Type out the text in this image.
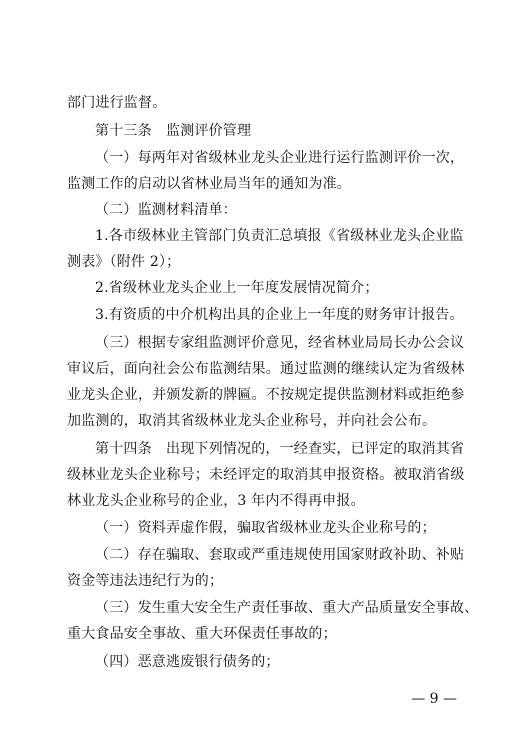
部门进行监督。
第十三条　监测评价管理
（一）每两年对省级林业龙头企业进行运行监测评价一次，
监测工作的启动以省林业局当年的通知为准。
（二）监测材料清单：
1.各市级林业主管部门负责汇总填报《省级林业龙头企业监
测表》（附件 2）；
2.省级林业龙头企业上一年度发展情况简介；
3.有资质的中介机构出具的企业上一年度的财务审计报告。
（三）根据专家组监测评价意见，经省林业局局长办公会议
审议后，面向社会公布监测结果。通过监测的继续认定为省级林
业龙头企业，并颁发新的牌匾。不按规定提供监测材料或拒绝参
加监测的，取消其省级林业龙头企业称号，并向社会公布。
第十四条　出现下列情况的，一经查实，已评定的取消其省
级林业龙头企业称号；未经评定的取消其申报资格。被取消省级
林业龙头企业称号的企业，3 年内不得再申报。
（一）资料弄虚作假，骗取省级林业龙头企业称号的；
（二）存在骗取、套取或严重违规使用国家财政补助、补贴
资金等违法违纪行为的；
（三）发生重大安全生产责任事故、重大产品质量安全事故、
重大食品安全事故、重大环保责任事故的；
（四）恶意逃废银行债务的；
— 9 —
